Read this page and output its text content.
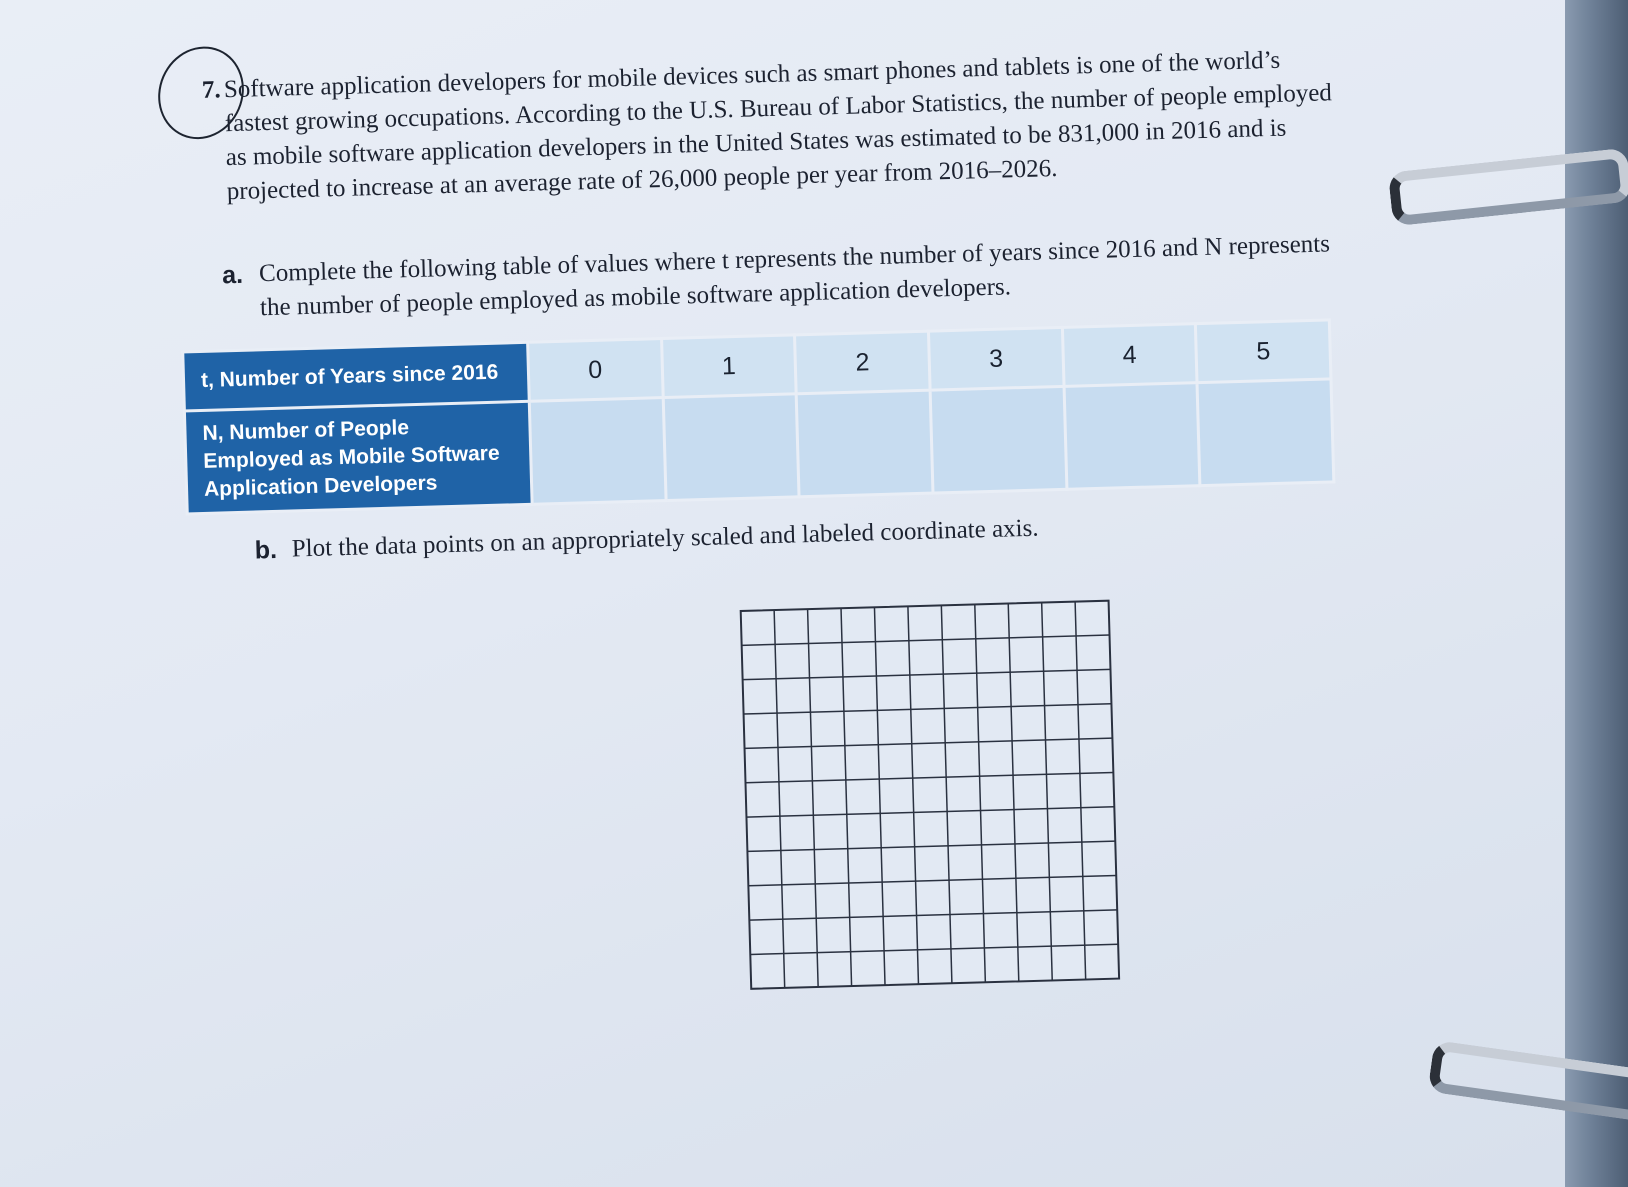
7. Software application developers for mobile devices such as smart phones and tablets is one of the world’s fastest growing occupations. According to the U.S. Bureau of Labor Statistics, the number of people employed as mobile software application developers in the United States was estimated to be 831,000 in 2016 and is projected to increase at an average rate of 26,000 people per year from 2016–2026.
a. Complete the following table of values where t represents the number of years since 2016 and N represents the number of people employed as mobile software application developers.
t, Number of Years since 2016	0	1	2	3	4	5
N, Number of People Employed as Mobile Software Application Developers						
b. Plot the data points on an appropriately scaled and labeled coordinate axis.
